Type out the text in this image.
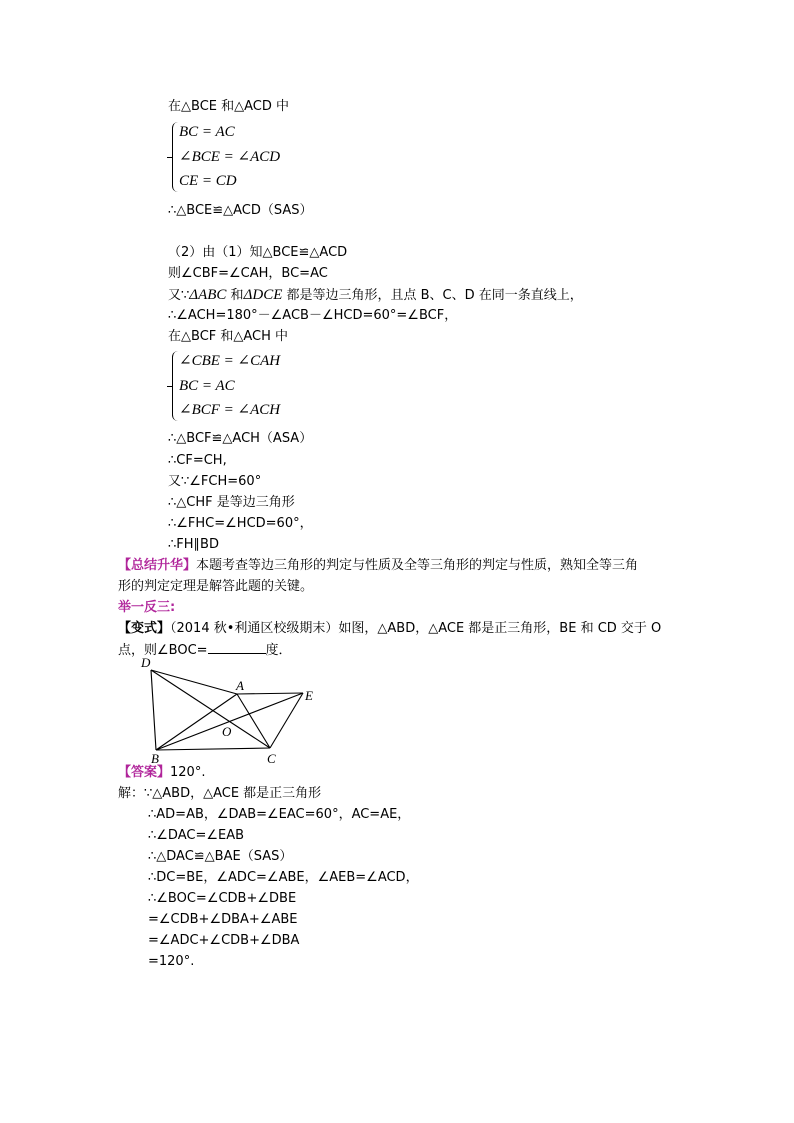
在△BCE 和△ACD 中
BC = AC
∠BCE = ∠ACD
CE = CD
∴△BCE≌△ACD（SAS）
（2）由（1）知△BCE≌△ACD
则∠CBF=∠CAH，BC=AC
又∵ΔABC 和ΔDCE 都是等边三角形，且点 B、C、D 在同一条直线上，
∴∠ACH=180°－∠ACB－∠HCD=60°=∠BCF，
在△BCF 和△ACH 中
∠CBE = ∠CAH
BC = AC
∠BCF = ∠ACH
∴△BCF≌△ACH（ASA）
∴CF=CH,
又∵∠FCH=60°
∴△CHF 是等边三角形
∴∠FHC=∠HCD=60°，
∴FH∥BD
【总结升华】本题考查等边三角形的判定与性质及全等三角形的判定与性质，熟知全等三角
形的判定定理是解答此题的关键。
举一反三:
【变式】（2014 秋•利通区校级期末）如图，△ABD，△ACE 都是正三角形，BE 和 CD 交于 O
点，则∠BOC=	度．
D
A
E
O
B	C
【答案】120°.
解：∵△ABD，△ACE 都是正三角形
∴AD=AB，∠DAB=∠EAC=60°，AC=AE，
∴∠DAC=∠EAB
∴△DAC≌△BAE（SAS）
∴DC=BE，∠ADC=∠ABE，∠AEB=∠ACD，
∴∠BOC=∠CDB+∠DBE
=∠CDB+∠DBA+∠ABE
=∠ADC+∠CDB+∠DBA
=120°.
